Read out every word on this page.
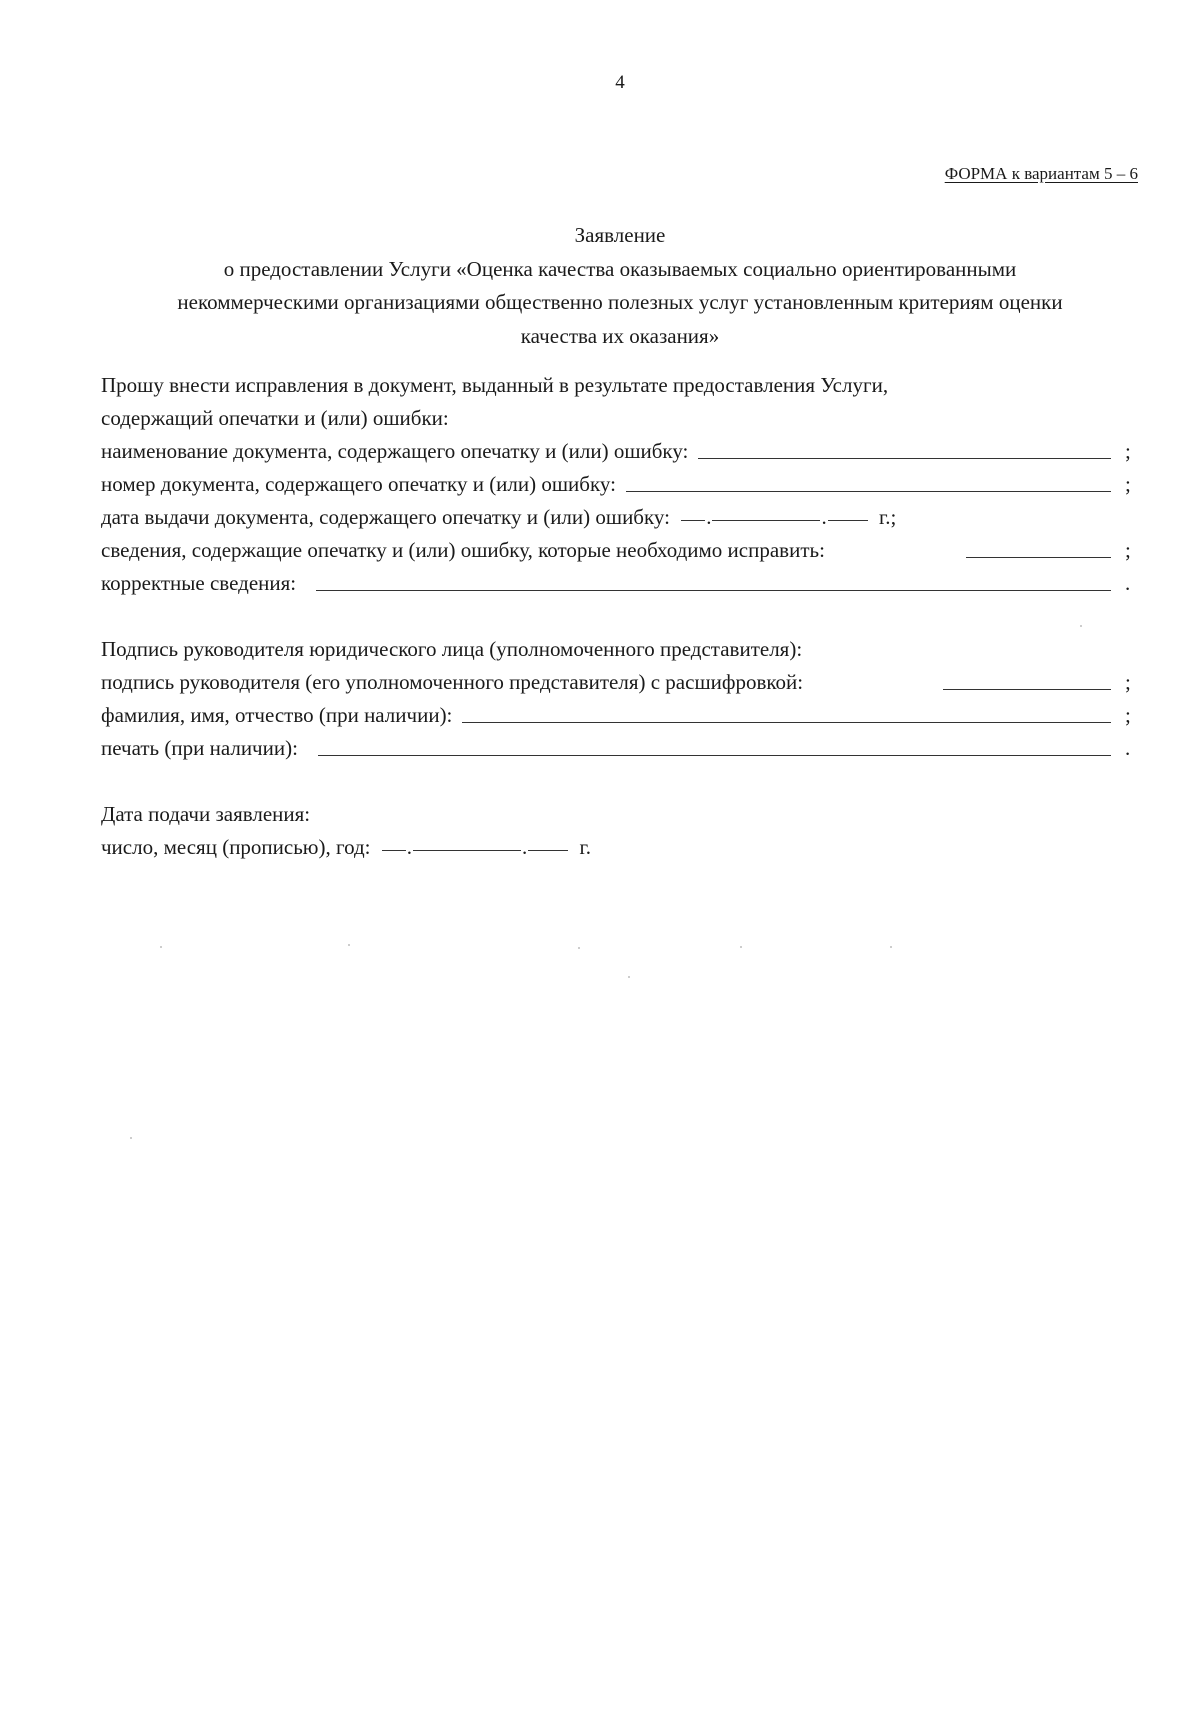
4
ФОРМА к вариантам 5 – 6
Заявление
о предоставлении Услуги «Оценка качества оказываемых социально ориентированными
некоммерческими организациями общественно полезных услуг установленным критериям оценки
качества их оказания»
Прошу внести исправления в документ, выданный в результате предоставления Услуги,
содержащий опечатки и (или) ошибки:
наименование документа, содержащего опечатку и (или) ошибку:	;
номер документа, содержащего опечатку и (или) ошибку:	;
дата выдачи документа, содержащего опечатку и (или) ошибку: .	. г.;
сведения, содержащие опечатку и (или) ошибку, которые необходимо исправить:	;
корректные сведения:	.
Подпись руководителя юридического лица (уполномоченного представителя):
подпись руководителя (его уполномоченного представителя) с расшифровкой:	;
фамилия, имя, отчество (при наличии):	;
печать (при наличии):	.
Дата подачи заявления:
число, месяц (прописью), год: .	. г.
